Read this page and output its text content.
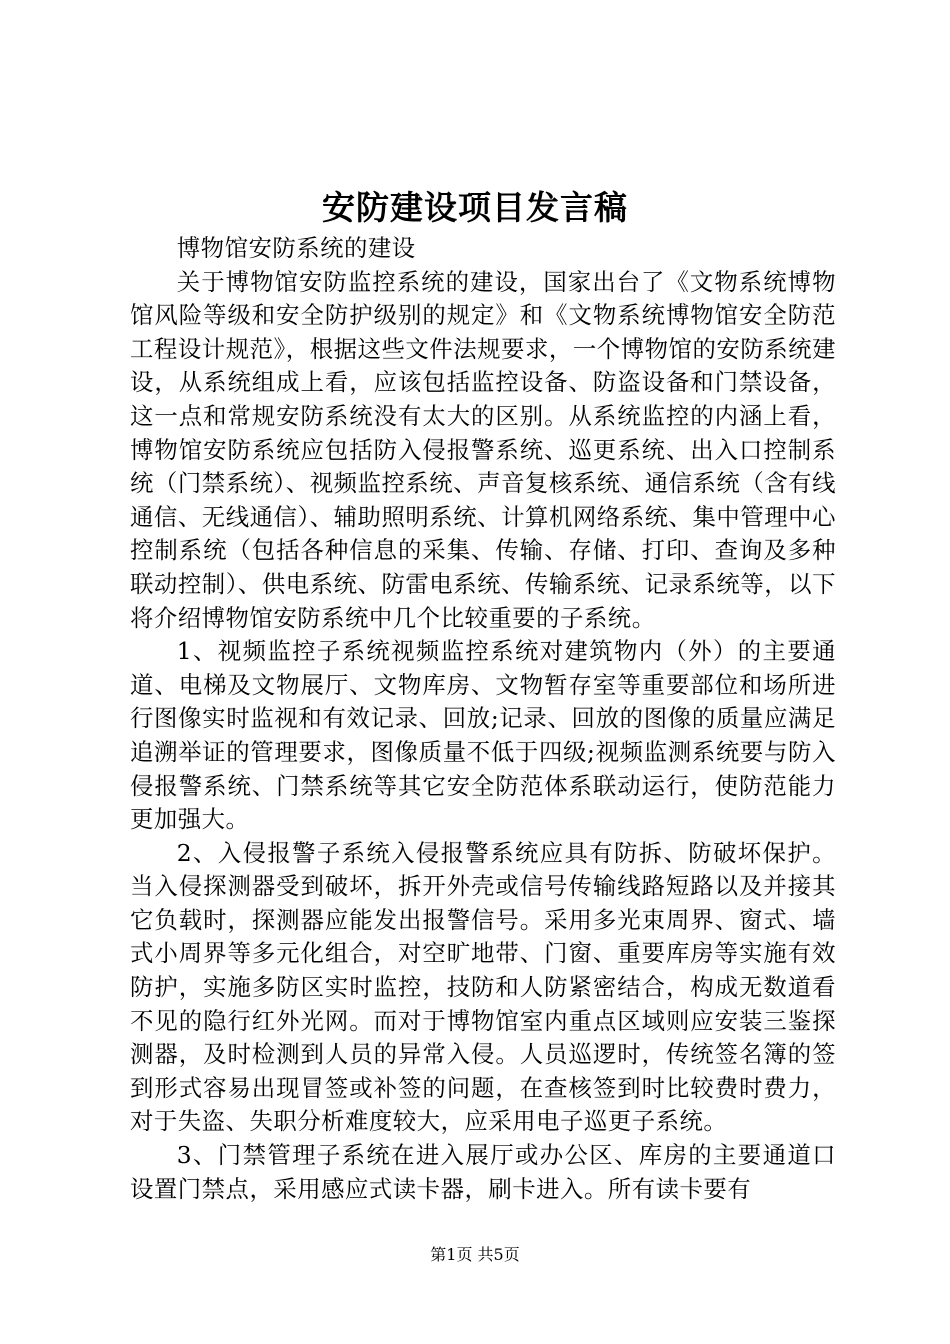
安防建设项目发言稿

博物馆安防系统的建设

关于博物馆安防监控系统的建设，国家出台了《文物系统博物馆风险等级和安全防护级别的规定》和《文物系统博物馆安全防范工程设计规范》，根据这些文件法规要求，一个博物馆的安防系统建设，从系统组成上看，应该包括监控设备、防盗设备和门禁设备，这一点和常规安防系统没有太大的区别。从系统监控的内涵上看，博物馆安防系统应包括防入侵报警系统、巡更系统、出入口控制系统（门禁系统）、视频监控系统、声音复核系统、通信系统（含有线通信、无线通信）、辅助照明系统、计算机网络系统、集中管理中心控制系统（包括各种信息的采集、传输、存储、打印、查询及多种联动控制）、供电系统、防雷电系统、传输系统、记录系统等，以下将介绍博物馆安防系统中几个比较重要的子系统。

1、视频监控子系统视频监控系统对建筑物内（外）的主要通道、电梯及文物展厅、文物库房、文物暂存室等重要部位和场所进行图像实时监视和有效记录、回放;记录、回放的图像的质量应满足追溯举证的管理要求，图像质量不低于四级;视频监测系统要与防入侵报警系统、门禁系统等其它安全防范体系联动运行，使防范能力更加强大。

2、入侵报警子系统入侵报警系统应具有防拆、防破坏保护。当入侵探测器受到破坏，拆开外壳或信号传输线路短路以及并接其它负载时，探测器应能发出报警信号。采用多光束周界、窗式、墙式小周界等多元化组合，对空旷地带、门窗、重要库房等实施有效防护，实施多防区实时监控，技防和人防紧密结合，构成无数道看不见的隐行红外光网。而对于博物馆室内重点区域则应安装三鉴探测器，及时检测到人员的异常入侵。人员巡逻时，传统签名簿的签到形式容易出现冒签或补签的问题，在查核签到时比较费时费力，对于失盗、失职分析难度较大，应采用电子巡更子系统。

3、门禁管理子系统在进入展厅或办公区、库房的主要通道口设置门禁点，采用感应式读卡器，刷卡进入。所有读卡要有

第1页 共5页
